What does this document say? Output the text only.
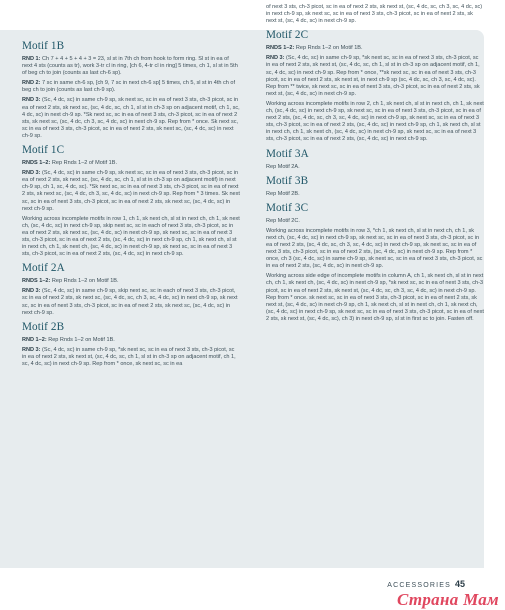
Motif 1B

RND 1: Ch 7 + 4 + 5 + 4 + 3 = 23, sl st in 7th ch from hook to form ring. Sl st in ea of next 4 sts (counts as tr), work 3-tr cl in ring, [ch 6, 4-tr cl in ring] 5 times, ch 1, sl st in 5th of beg ch to join (counts as last ch-6 sp).

RND 2: 7 sc in same ch-6 sp, [ch 9, 7 sc in next ch-6 sp] 5 times, ch 5, sl st in 4th ch of beg ch to join (counts as last ch-9 sp).

RND 3: (Sc, 4 dc, sc) in same ch-9 sp, sk next sc, sc in ea of next 3 sts, ch-3 picot, sc in ea of next 2 sts, sk next sc, (sc, 4 dc, sc, ch 1, sl st in ch-3 sp on adjacent motif, ch 1, sc, 4 dc, sc) in next ch-9 sp. *Sk next sc, sc in ea of next 3 sts, ch-3 picot, sc in ea of next 2 sts, sk next sc, (sc, 4 dc, ch 3, sc, 4 dc, sc) in next ch-9 sp. Rep from * once. Sk next sc, sc in ea of next 3 sts, ch-3 picot, sc in ea of next 2 sts, sk next sc, (sc, 4 dc, sc) in next ch-9 sp.

Motif 1C

RNDS 1–2: Rep Rnds 1–2 of Motif 1B.

RND 3: (Sc, 4 dc, sc) in same ch-9 sp, sk next sc, sc in ea of next 3 sts, ch-3 picot, sc in ea of next 2 sts, sk next sc, (sc, 4 dc, sc, ch 1, sl st in ch-3 sp on adjacent motif) in next ch-9 sp, ch 1, sc, 4 dc, sc). *Sk next sc, sc in ea of next 3 sts, ch-3 picot, sc in ea of next 2 sts, sk next sc, (sc, 4 dc, ch 3, sc, 4 dc, sc) in next ch-9 sp. Rep from * 3 times. Sk next sc, sc in ea of next 3 sts, ch-3 picot, sc in ea of next 2 sts, sk next sc, (sc, 4 dc, sc) in next ch-9 sp.

Working across incomplete motifs in row 1, ch 1, sk next ch, sl st in next ch, ch 1, sk next ch, (sc, 4 dc, sc) in next ch-9 sp, skip next sc, sc in each of next 3 sts, ch-3 picot, sc in ea of next 2 sts, sk next sc, (sc, 4 dc, sc) in next ch-9 sp, sk next sc, sc in ea of next 3 sts, ch-3 picot, sc in ea of next 2 sts, (sc, 4 dc, sc) in next ch-9 sp, ch 1, sk next ch, sl st in next ch, ch 1, sk next ch, (sc, 4 dc, sc) in next ch-9 sp, sk next sc, sc in ea of next 3 sts, ch-3 picot, sc in ea of next 2 sts, (sc, 4 dc, sc) in next ch-9 sp.

Motif 2A

RNDS 1–2: Rep Rnds 1–2 on Motif 1B.

RND 3: (Sc, 4 dc, sc) in same ch-9 sp, skip next sc, sc in each of next 3 sts, ch-3 picot, sc in ea of next 2 sts, sk next sc, (sc, 4 dc, sc, ch 3, sc, 4 dc, sc) in next ch-9 sp, sk next sc, sc in ea of next 3 sts, ch-3 picot, sc in ea of next 2 sts, sk next sc, (sc, 4 dc, sc) in next ch-9 sp.

Motif 2B

RND 1–2: Rep Rnds 1–2 on Motif 1B.

RND 3: (Sc, 4 dc, sc) in same ch-9 sp, *sk next sc, sc in ea of next 3 sts, ch-3 picot, sc in ea of next 2 sts, sk next st, (sc, 4 dc, sc, ch 1, sl st in ch-3 sp on adjacent motif, ch 1, sc, 4 dc, sc) in next ch-9 sp. Rep from * once, sk next sc, sc in ea

of next 3 sts, ch-3 picot, sc in ea of next 2 sts, sk next st, (sc, 4 dc, sc, ch 3, sc, 4 dc, sc) in next ch-9 sp, sk next sc, sc in ea of next 3 sts, ch-3 picot, sc in ea of next 2 sts, sk next st, (sc, 4 dc, sc) in next ch-9 sp.

Motif 2C

RNDS 1–2: Rep Rnds 1–2 on Motif 1B.

RND 3: (Sc, 4 dc, sc) in same ch-9 sp, *sk next sc, sc in ea of next 3 sts, ch-3 picot, sc in ea of next 2 sts, sk next st, (sc, 4 dc, sc, ch 1, sl st in ch-3 sp on adjacent motif, ch 1, sc, 4 dc, sc) in next ch-9 sp. Rep from * once, **sk next sc, sc in ea of next 3 sts, ch-3 picot, sc in ea of next 2 sts, sk next st, in next ch-9 sp (sc, 4 dc, sc, ch 3, sc, 4 dc, sc). Rep from ** twice, sk next sc, sc in ea of next 3 sts, ch-3 picot, sc in ea of next 2 sts, sk next st, (sc, 4 dc, sc) in next ch-9 sp.

Working across incomplete motifs in row 2, ch 1, sk next ch, sl st in next ch, ch 1, sk next ch, (sc, 4 dc, sc) in next ch-9 sp, sk next sc, sc in ea of next 3 sts, ch-3 picot, sc in ea of next 2 sts, (sc, 4 dc, sc, ch 3, sc, 4 dc, sc) in next ch-9 sp, sk next sc, sc in ea of next 3 sts, ch-3 picot, sc in ea of next 2 sts, (sc, 4 dc, sc) in next ch-9 sp, ch 1, sk next ch, sl st in next ch, ch 1, sk next ch, (sc, 4 dc, sc) in next ch-9 sp, sk next sc, sc in ea of next 3 sts, ch-3 picot, sc in ea of next 2 sts, (sc, 4 dc, sc) in next ch-9 sp.

Motif 3A

Rep Motif 2A.

Motif 3B

Rep Motif 2B.

Motif 3C

Rep Motif 2C.

Working across incomplete motifs in row 3, *ch 1, sk next ch, sl st in next ch, ch 1, sk next ch, (sc, 4 dc, sc) in next ch-9 sp, sk next sc, sc in ea of next 3 sts, ch-3 picot, sc in ea of next 2 sts, (sc, 4 dc, sc, ch 3, sc, 4 dc, sc) in next ch-9 sp, sk next sc, sc in ea of next 3 sts, ch-3 picot, sc in ea of next 2 sts, (sc, 4 dc, sc) in next ch-9 sp. Rep from * once, ch 3 (sc, 4 dc, sc) in same ch-9 sp, sk next sc, sc in ea of next 3 sts, ch-3 picot, sc in ea of next 2 sts, (sc, 4 dc, sc) in next ch-9 sp.

Working across side edge of incomplete motifs in column A, ch 1, sk next ch, sl st in next ch, ch 1, sk next ch, (sc, 4 dc, sc) in next ch-9 sp, *sk next sc, sc in ea of next 3 sts, ch-3 picot, sc in ea of next 2 sts, sk next st, (sc, 4 dc, sc, ch 3, sc, 4 dc, sc) in next ch-9 sp. Rep from * once. sk next sc, sc in ea of next 3 sts, ch-3 picot, sc in ea of next 2 sts, sk next st, (sc, 4 dc, sc) in next ch-9 sp, ch 1, sk next ch, sl st in next ch, ch 1, sk next ch, (sc, 4 dc, sc) in next ch-9 sp, sk next sc, sc in ea of next 3 sts, ch-3 picot, sc in ea of next 2 sts, sk next st, (sc, 4 dc, sc), ch 3) in next ch-9 sp, sl st in first sc to join. Fasten off.

ACCESSORIES 45
Страна Мам
